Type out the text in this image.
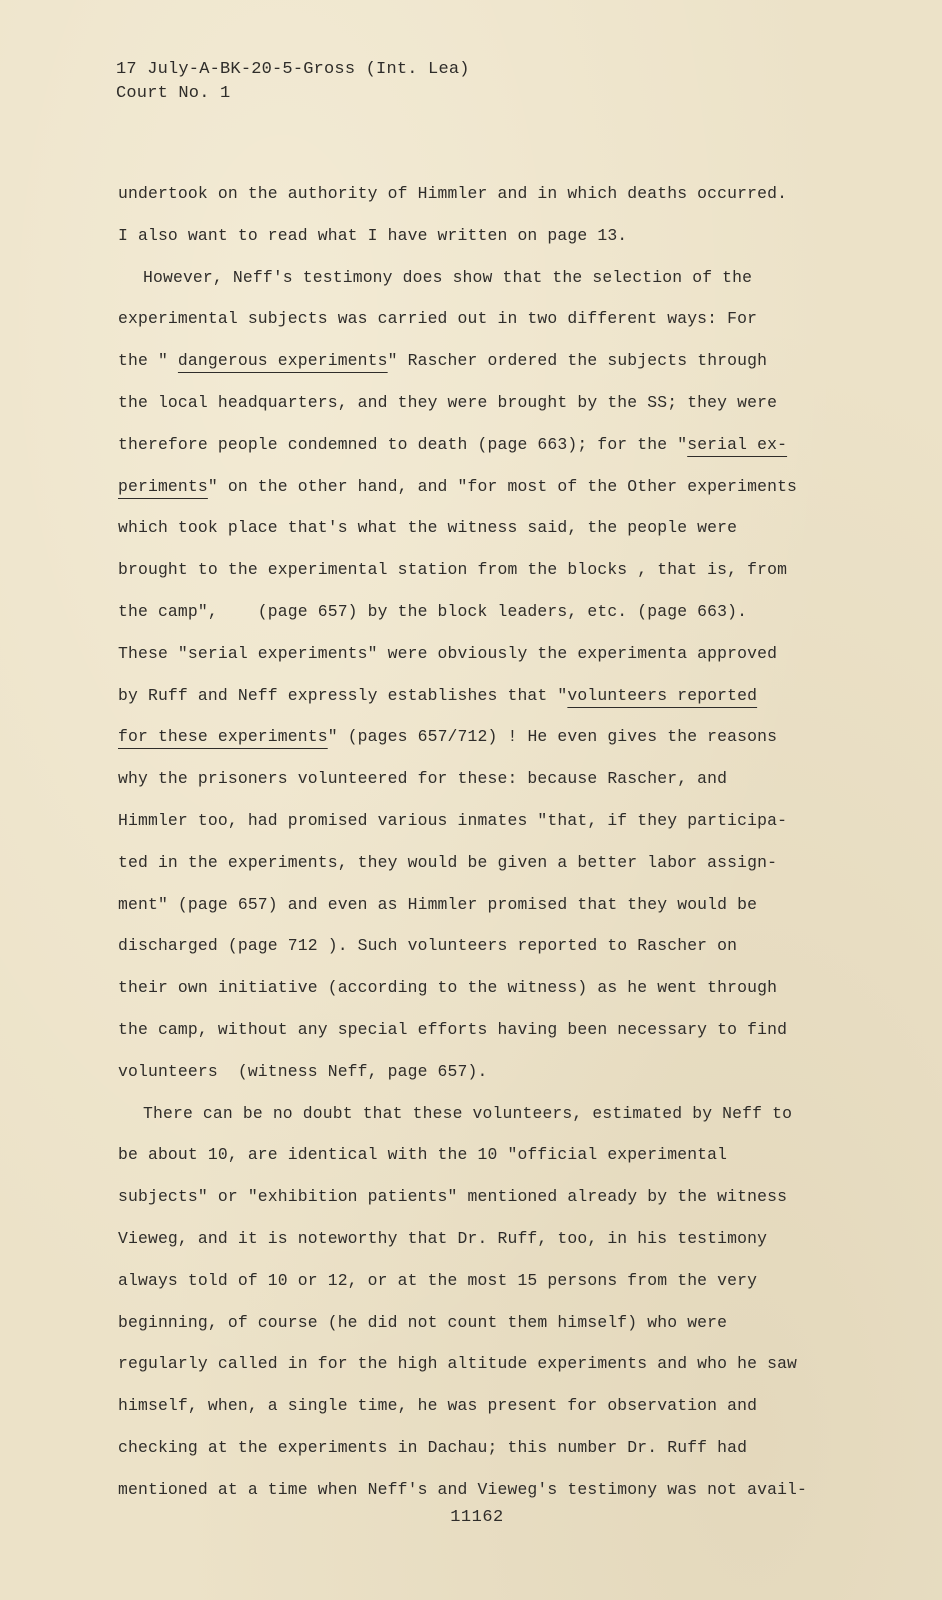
17 July-A-BK-20-5-Gross (Int. Lea)
Court No. 1
undertook on the authority of Himmler and in which deaths occurred.
I also want to read what I have written on page 13.
However, Neff's testimony does show that the selection of the
experimental subjects was carried out in two different ways: For
the " dangerous experiments" Rascher ordered the subjects through
the local headquarters, and they were brought by the SS; they were
therefore people condemned to death (page 663); for the "serial ex-
periments" on the other hand, and "for most of the Other experiments
which took place that's what the witness said, the people were
brought to the experimental station from the blocks , that is, from
the camp",    (page 657) by the block leaders, etc. (page 663).
These "serial experiments" were obviously the experimenta approved
by Ruff and Neff expressly establishes that "volunteers reported
for these experiments" (pages 657/712) ! He even gives the reasons
why the prisoners volunteered for these: because Rascher, and
Himmler too, had promised various inmates "that, if they participa-
ted in the experiments, they would be given a better labor assign-
ment" (page 657) and even as Himmler promised that they would be
discharged (page 712 ). Such volunteers reported to Rascher on
their own initiative (according to the witness) as he went through
the camp, without any special efforts having been necessary to find
volunteers  (witness Neff, page 657).
There can be no doubt that these volunteers, estimated by Neff to
be about 10, are identical with the 10 "official experimental
subjects" or "exhibition patients" mentioned already by the witness
Vieweg, and it is noteworthy that Dr. Ruff, too, in his testimony
always told of 10 or 12, or at the most 15 persons from the very
beginning, of course (he did not count them himself) who were
regularly called in for the high altitude experiments and who he saw
himself, when, a single time, he was present for observation and
checking at the experiments in Dachau; this number Dr. Ruff had
mentioned at a time when Neff's and Vieweg's testimony was not avail-
11162
